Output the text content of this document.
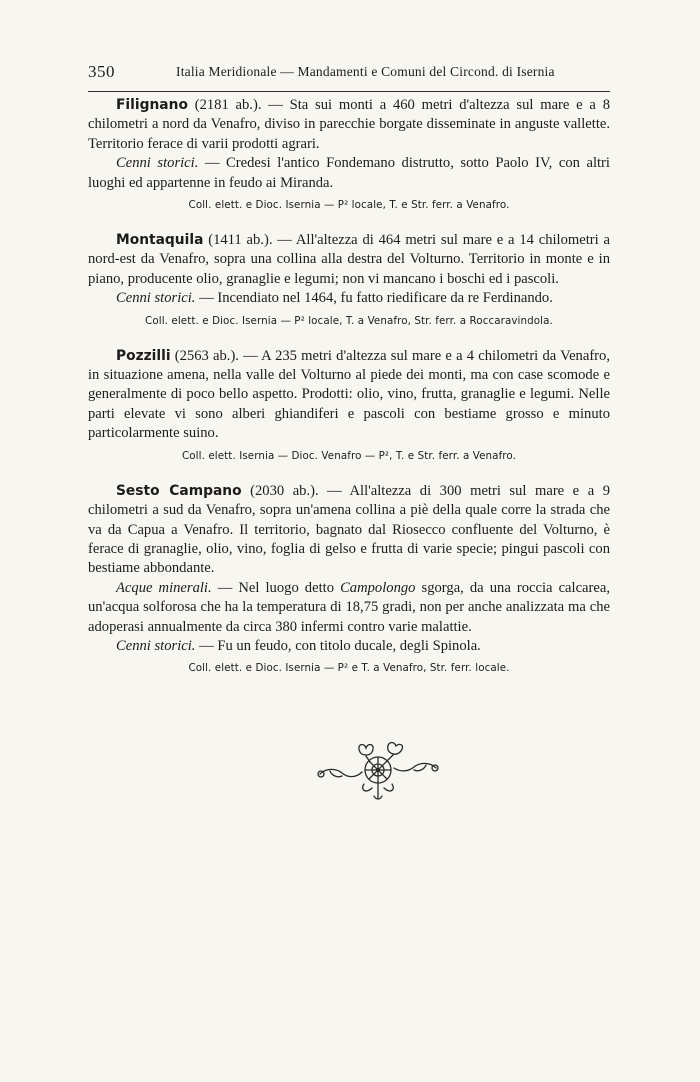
350	Italia Meridionale — Mandamenti e Comuni del Circond. di Isernia

Filignano (2181 ab.). — Sta sui monti a 460 metri d'altezza sul mare e a 8 chilometri a nord da Venafro, diviso in parecchie borgate disseminate in anguste vallette. Territorio ferace di varii prodotti agrari.

Cenni storici. — Credesi l'antico Fondemano distrutto, sotto Paolo IV, con altri luoghi ed appartenne in feudo ai Miranda.

Coll. elett. e Dioc. Isernia — P² locale, T. e Str. ferr. a Venafro.

Montaquila (1411 ab.). — All'altezza di 464 metri sul mare e a 14 chilometri a nord-est da Venafro, sopra una collina alla destra del Volturno. Territorio in monte e in piano, producente olio, granaglie e legumi; non vi mancano i boschi ed i pascoli.

Cenni storici. — Incendiato nel 1464, fu fatto riedificare da re Ferdinando.

Coll. elett. e Dioc. Isernia — P² locale, T. a Venafro, Str. ferr. a Roccaravindola.

Pozzilli (2563 ab.). — A 235 metri d'altezza sul mare e a 4 chilometri da Venafro, in situazione amena, nella valle del Volturno al piede dei monti, ma con case scomode e generalmente di poco bello aspetto. Prodotti: olio, vino, frutta, granaglie e legumi. Nelle parti elevate vi sono alberi ghiandiferi e pascoli con bestiame grosso e minuto particolarmente suino.

Coll. elett. Isernia — Dioc. Venafro — P², T. e Str. ferr. a Venafro.

Sesto Campano (2030 ab.). — All'altezza di 300 metri sul mare e a 9 chilometri a sud da Venafro, sopra un'amena collina a piè della quale corre la strada che va da Capua a Venafro. Il territorio, bagnato dal Riosecco confluente del Volturno, è ferace di granaglie, olio, vino, foglia di gelso e frutta di varie specie; pingui pascoli con bestiame abbondante.

Acque minerali. — Nel luogo detto Campolongo sgorga, da una roccia calcarea, un'acqua solforosa che ha la temperatura di 18,75 gradi, non per anche analizzata ma che adoperasi annualmente da circa 380 infermi contro varie malattie.

Cenni storici. — Fu un feudo, con titolo ducale, degli Spinola.

Coll. elett. e Dioc. Isernia — P² e T. a Venafro, Str. ferr. locale.
